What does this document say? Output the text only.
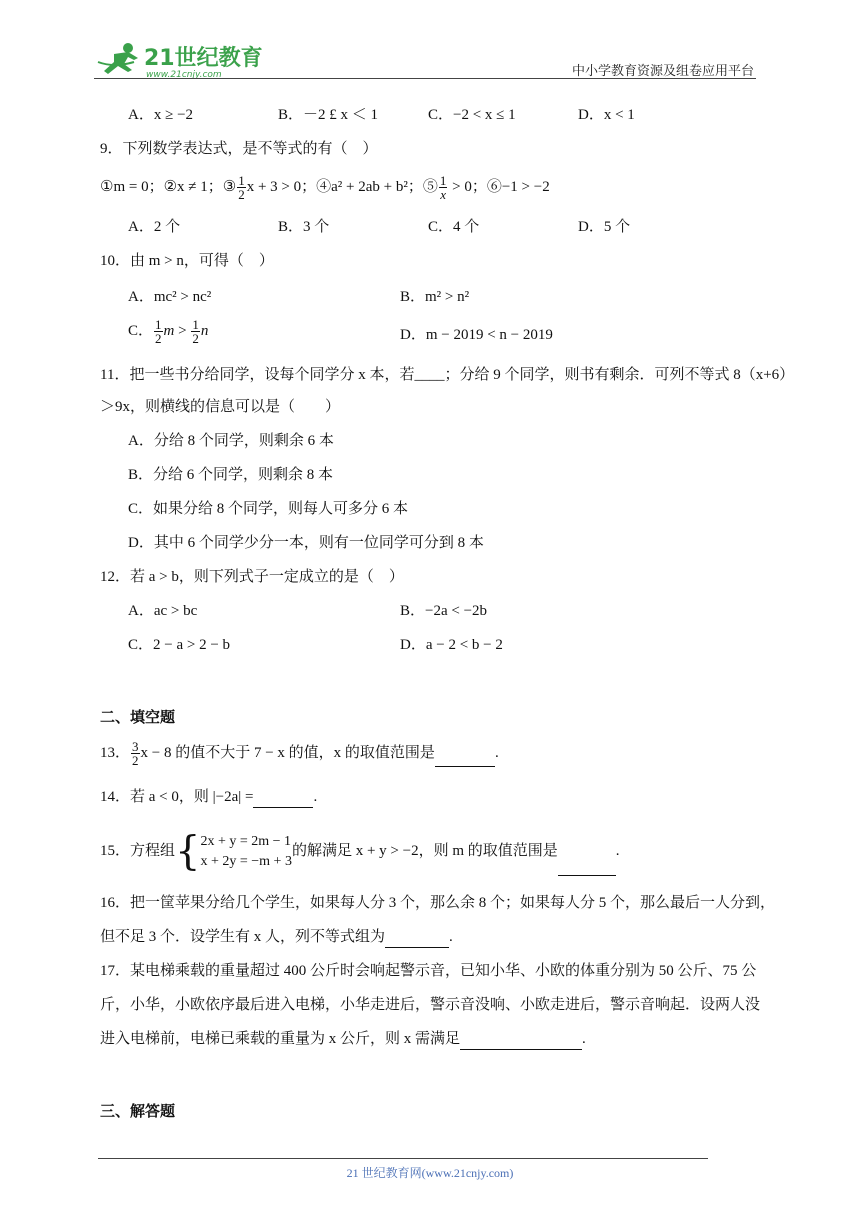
21世纪教育
www.21cnjy.com	中小学教育资源及组卷应用平台
A．x ≥ −2	B．－2 £ x ＜ 1	C．−2 < x ≤ 1	D．x < 1
9．下列数学表达式，是不等式的有（　）
①m = 0；②x ≠ 1；③ $\frac{1}{2}$ x + 3 > 0；④a² + 2ab + b²；⑤ $\frac{1}{x} > 0$；⑥−1 > −2
A．2 个	B．3 个	C．4 个	D．5 个
10．由 m > n，可得（　）
A．mc² > nc²	B．m² > n²
C． $\frac{1}{2}$ $m > \frac{1}{2}$ n	D．m − 2019 < n − 2019
11．把一些书分给同学，设每个同学分 x 本，若____；分给 9 个同学，则书有剩余．可列不等式 8（x+6）
＞9x，则横线的信息可以是（　　）
A．分给 8 个同学，则剩余 6 本
B．分给 6 个同学，则剩余 8 本
C．如果分给 8 个同学，则每人可多分 6 本
D．其中 6 个同学少分一本，则有一位同学可分到 8 本
12．若 a > b，则下列式子一定成立的是（　）
A．ac > bc	B．−2a < −2b
C．2 − a > 2 − b	D．a − 2 < b − 2
二、填空题
13． $\frac{3}{2}$ x − 8 的值不大于 7 − x 的值，x 的取值范围是	.
14．若 a < 0，则 |−2a| =	.
15．方程组{ 2x + y = 2m − 1
x + 2y = −m + 3
的解满足 x + y > −2，则 m 的取值范围是	.
16．把一筐苹果分给几个学生，如果每人分 3 个，那么余 8 个；如果每人分 5 个，那么最后一人分到，
但不足 3 个．设学生有 x 人，列不等式组为	.
17．某电梯乘载的重量超过 400 公斤时会响起警示音，已知小华、小欧的体重分别为 50 公斤、75 公
斤，小华，小欧依序最后进入电梯，小华走进后，警示音没响、小欧走进后，警示音响起．设两人没
进入电梯前，电梯已乘载的重量为 x 公斤，则 x 需满足	.
三、解答题
21 世纪教育网(www.21cnjy.com)
